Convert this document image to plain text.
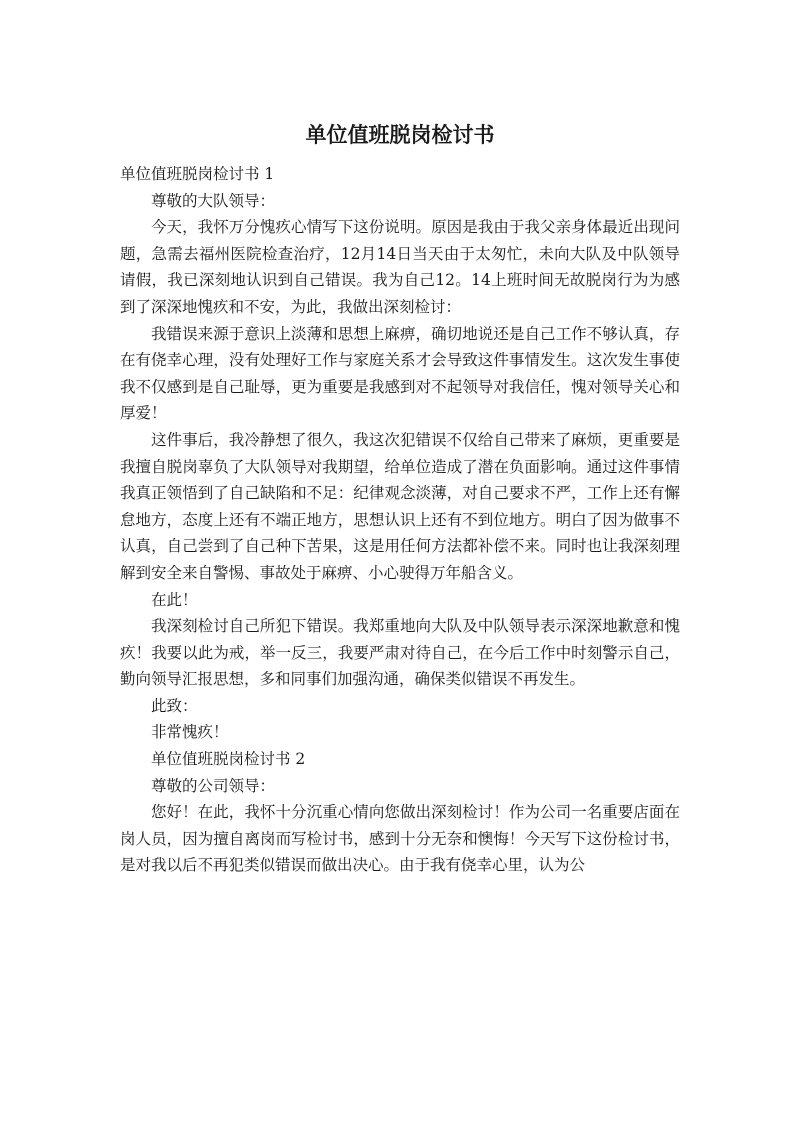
单位值班脱岗检讨书

单位值班脱岗检讨书 1

尊敬的大队领导：

今天，我怀万分愧疚心情写下这份说明。原因是我由于我父亲身体最近出现问题，急需去福州医院检查治疗，12月14日当天由于太匆忙，未向大队及中队领导请假，我已深刻地认识到自己错误。我为自己12。14上班时间无故脱岗行为为感到了深深地愧疚和不安，为此，我做出深刻检讨：

我错误来源于意识上淡薄和思想上麻痹，确切地说还是自己工作不够认真，存在有侥幸心理，没有处理好工作与家庭关系才会导致这件事情发生。这次发生事使我不仅感到是自己耻辱，更为重要是我感到对不起领导对我信任，愧对领导关心和厚爱！

这件事后，我冷静想了很久，我这次犯错误不仅给自己带来了麻烦，更重要是我擅自脱岗辜负了大队领导对我期望，给单位造成了潜在负面影响。通过这件事情我真正领悟到了自己缺陷和不足：纪律观念淡薄，对自己要求不严，工作上还有懈怠地方，态度上还有不端正地方，思想认识上还有不到位地方。明白了因为做事不认真，自己尝到了自己种下苦果，这是用任何方法都补偿不来。同时也让我深刻理解到安全来自警惕、事故处于麻痹、小心驶得万年船含义。

在此！

我深刻检讨自己所犯下错误。我郑重地向大队及中队领导表示深深地歉意和愧疚！我要以此为戒，举一反三，我要严肃对待自己，在今后工作中时刻警示自己，勤向领导汇报思想，多和同事们加强沟通，确保类似错误不再发生。

此致：

非常愧疚！

单位值班脱岗检讨书 2

尊敬的公司领导：

您好！在此，我怀十分沉重心情向您做出深刻检讨！作为公司一名重要店面在岗人员，因为擅自离岗而写检讨书，感到十分无奈和懊悔！今天写下这份检讨书，是对我以后不再犯类似错误而做出决心。由于我有侥幸心里，认为公
